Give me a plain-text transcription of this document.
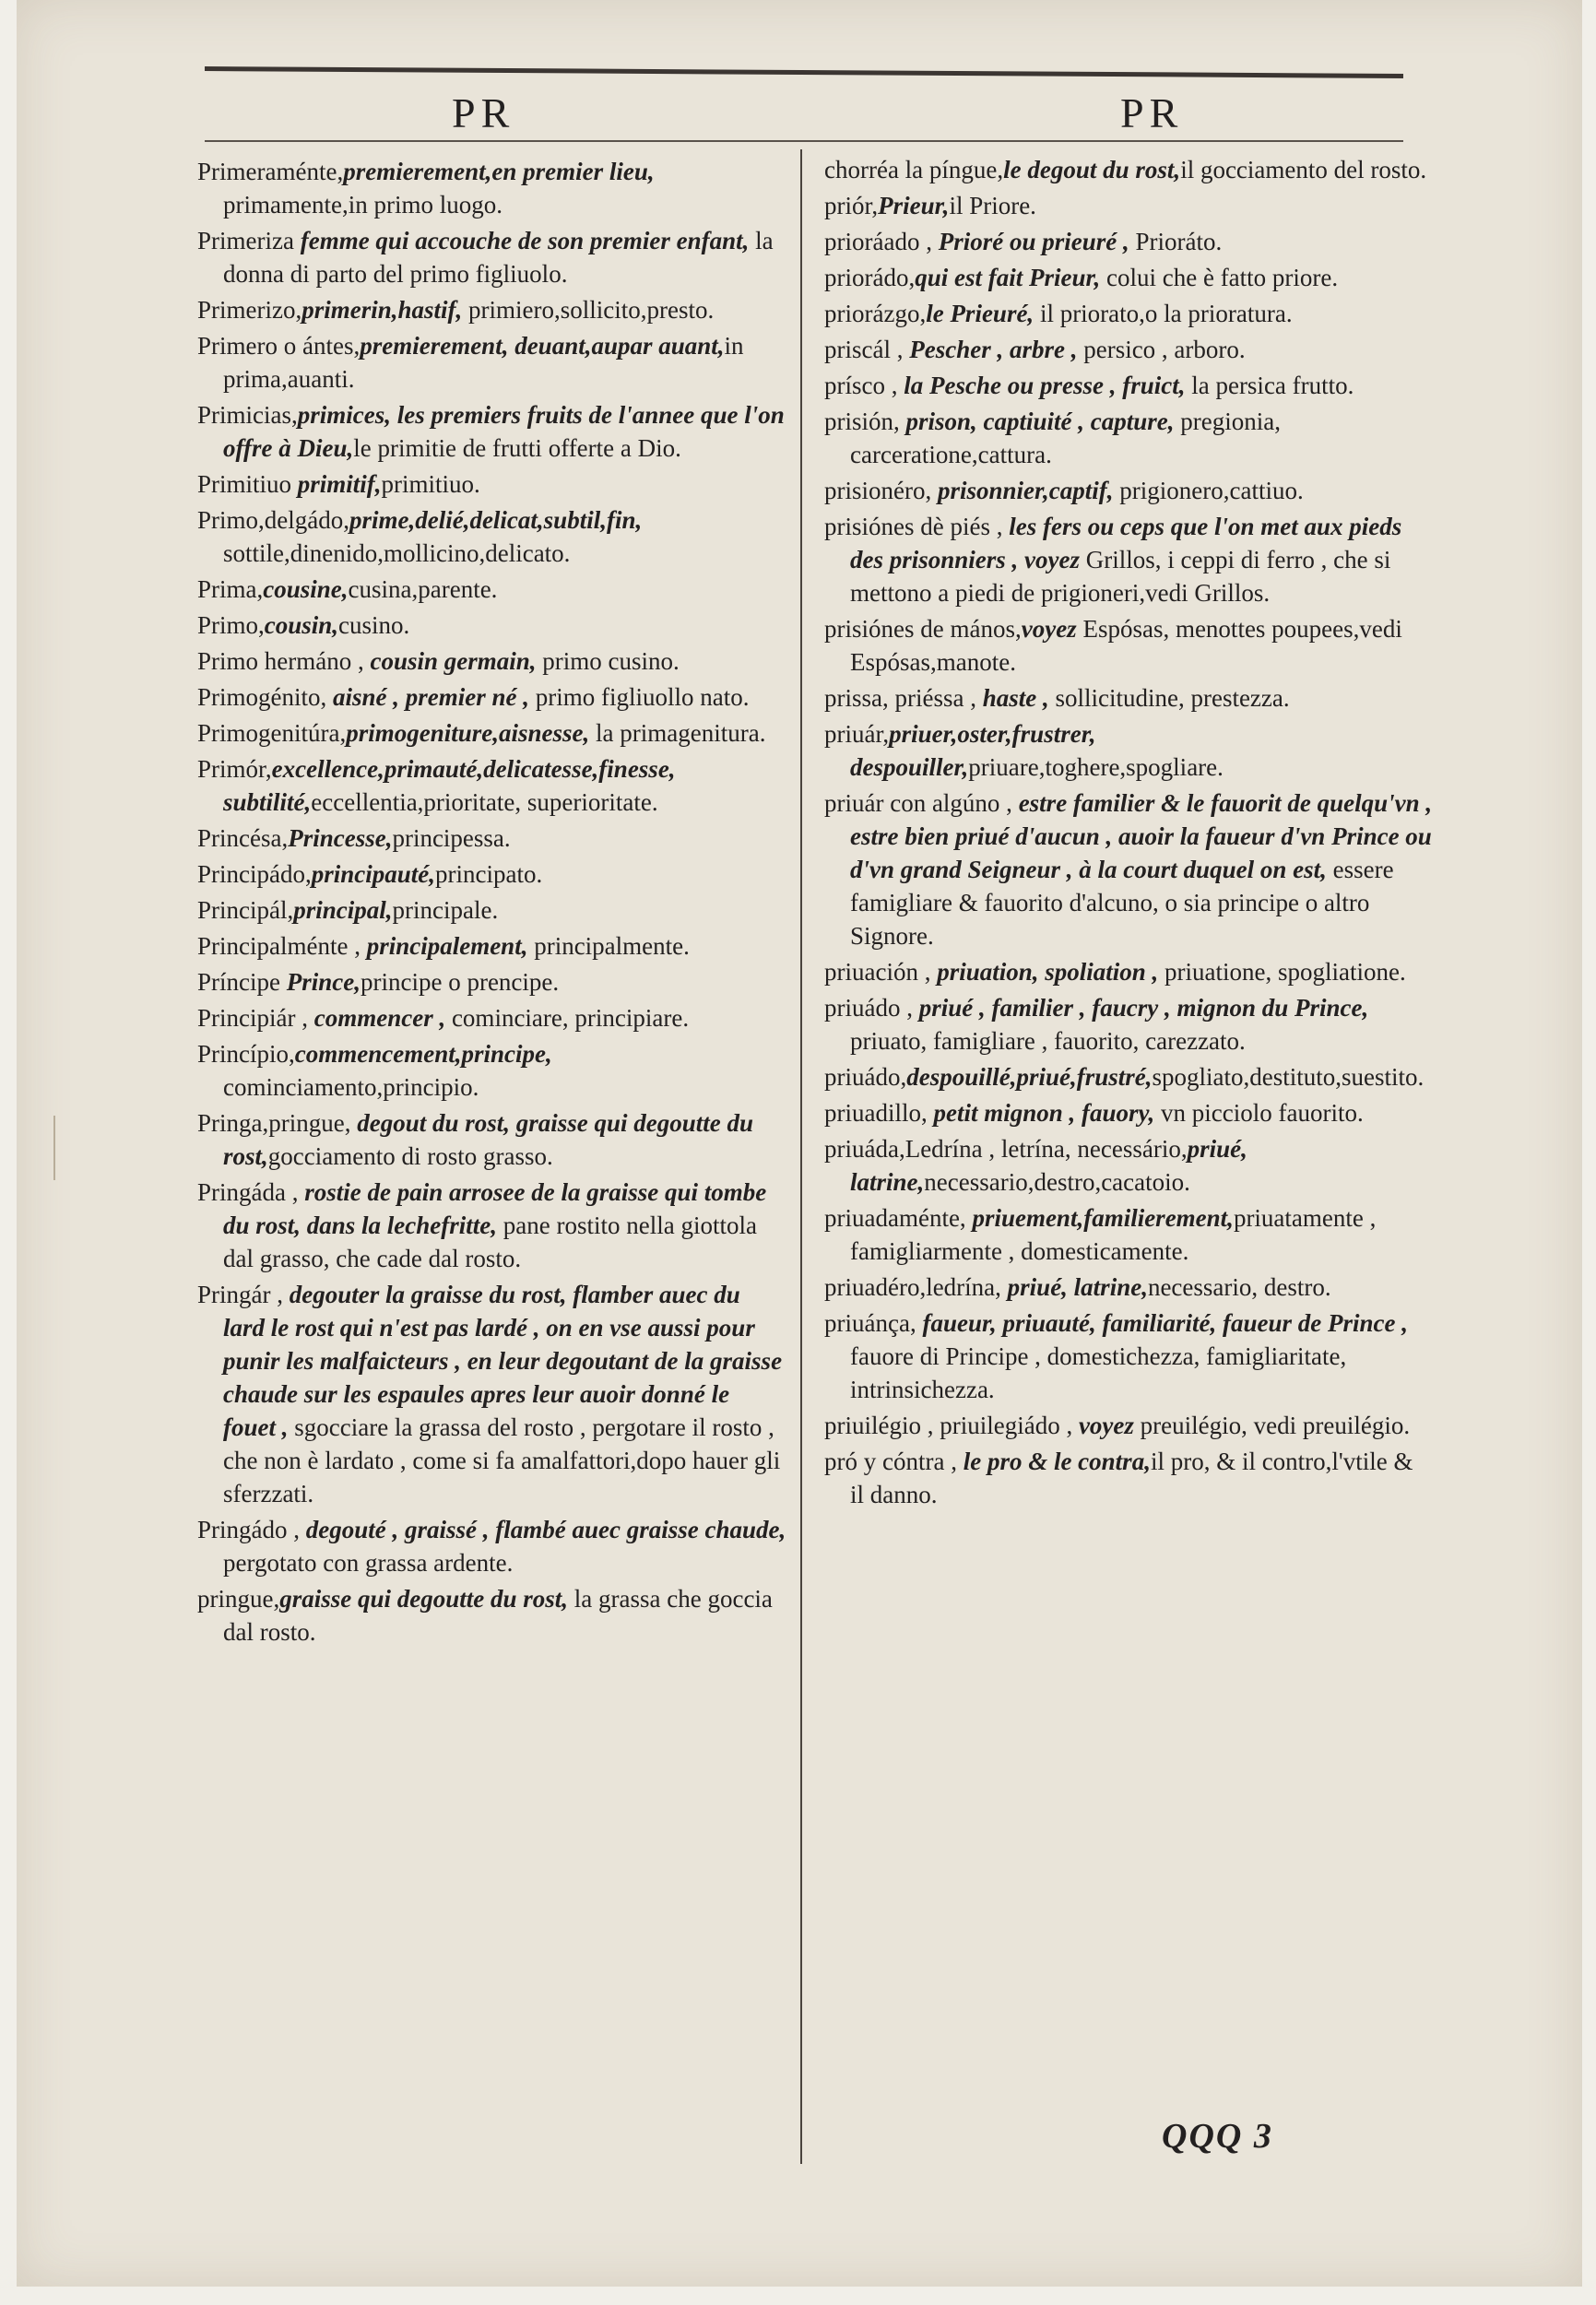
PR	PR

Primeraménte,premierement,en premier lieu, primamente,in primo luogo.

Primeriza femme qui accouche de son premier enfant, la donna di parto del primo figliuolo.

Primerizo,primerin,hastif, primiero,sollicito,presto.

Primero o ántes,premierement, deuant,aupar auant,in prima,auanti.

Primicias,primices, les premiers fruits de l'annee que l'on offre à Dieu,le primitie de frutti offerte a Dio.

Primitiuo primitif,primitiuo.

Primo,delgádo,prime,delié,delicat,subtil,fin, sottile,dinenido,mollicino,delicato.

Prima,cousine,cusina,parente.

Primo,cousin,cusino.

Primo hermáno , cousin germain, primo cusino.

Primogénito, aisné , premier né , primo figliuollo nato.

Primogenitúra,primogeniture,aisnesse, la primagenitura.

Primór,excellence,primauté,delicatesse,finesse, subtilité,eccellentia,prioritate, superioritate.

Princésa,Princesse,principessa.

Principádo,principauté,principato.

Principál,principal,principale.

Principalménte , principalement, principalmente.

Príncipe Prince,principe o prencipe.

Principiár , commencer , cominciare, principiare.

Princípio,commencement,principe, cominciamento,principio.

Pringa,pringue, degout du rost, graisse qui degoutte du rost,gocciamento di rosto grasso.

Pringáda , rostie de pain arrosee de la graisse qui tombe du rost, dans la lechefritte, pane rostito nella giottola dal grasso, che cade dal rosto.

Pringár , degouter la graisse du rost, flamber auec du lard le rost qui n'est pas lardé , on en vse aussi pour punir les malfaicteurs , en leur degoutant de la graisse chaude sur les espaules apres leur auoir donné le fouet , sgocciare la grassa del rosto , pergotare il rosto , che non è lardato , come si fa amalfattori,dopo hauer gli sferzzati.

Pringádo , degouté , graissé , flambé auec graisse chaude, pergotato con grassa ardente.

pringue,graisse qui degoutte du rost, la grassa che goccia dal rosto.

chorréa la píngue,le degout du rost,il gocciamento del rosto.

priór,Prieur,il Priore.

prioráado , Prioré ou prieuré , Prioráto.

priorádo,qui est fait Prieur, colui che è fatto priore.

priorázgo,le Prieuré, il priorato,o la prioratura.

priscál , Pescher , arbre , persico , arboro.

prísco , la Pesche ou presse , fruict, la persica frutto.

prisión, prison, captiuité , capture, pregionia, carceratione,cattura.

prisionéro, prisonnier,captif, prigionero,cattiuo.

prisiónes dè piés , les fers ou ceps que l'on met aux pieds des prisonniers , voyez Grillos, i ceppi di ferro , che si mettono a piedi de prigioneri,vedi Grillos.

prisiónes de mános,voyez Espósas, menottes poupees,vedi Espósas,manote.

prissa, priéssa , haste , sollicitudine, prestezza.

priuár,priuer,oster,frustrer, despouiller,priuare,toghere,spogliare.

priuár con algúno , estre familier & le fauorit de quelqu'vn , estre bien priué d'aucun , auoir la faueur d'vn Prince ou d'vn grand Seigneur , à la court duquel on est, essere famigliare & fauorito d'alcuno, o sia principe o altro Signore.

priuación , priuation, spoliation , priuatione, spogliatione.

priuádo , priué , familier , faucry , mignon du Prince, priuato, famigliare , fauorito, carezzato.

priuádo,despouillé,priué,frustré,spogliato,destituto,suestito.

priuadillo, petit mignon , fauory, vn picciolo fauorito.

priuáda,Ledrína , letrína, necessário,priué, latrine,necessario,destro,cacatoio.

priuadaménte, priuement,familierement,priuatamente , famigliarmente , domesticamente.

priuadéro,ledrína, priué, latrine,necessario, destro.

priuánça, faueur, priuauté, familiarité, faueur de Prince , fauore di Principe , domestichezza, famigliaritate, intrinsichezza.

priuilégio , priuilegiádo , voyez preuilégio, vedi preuilégio.

pró y cóntra , le pro & le contra,il pro, & il contro,l'vtile & il danno.

QQQ 3
